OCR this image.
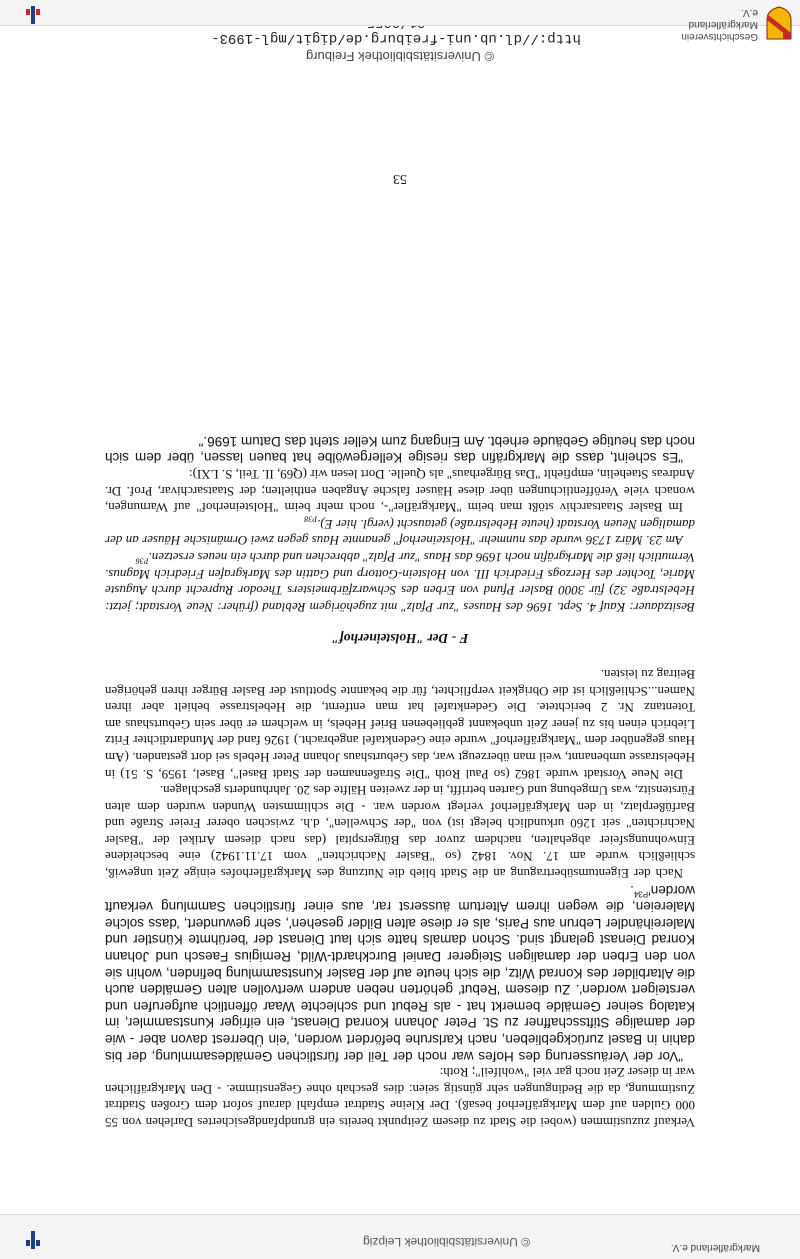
© Universitätsbibliothek Leipzig	Markgräflerland e.V.

Verkauf zuzustimmen (wobei die Stadt zu diesem Zeitpunkt bereits ein grundpfandgesichertes Darlehen von 55 000 Gulden auf dem Markgräflerhof besaß). Der Kleine Stadtrat empfahl darauf sofort dem Großen Stadtrat Zustimmung, da die Bedingungen sehr günstig seien: dies geschah ohne Gegenstimme. - Den Markgräflichen war in dieser Zeit noch gar viel "wohlfeil"; Roth:

"Vor der Veräusserung des Hofes war noch der Teil der fürstlichen Gemäldesammlung, der bis dahin in Basel zurückgeblieben, nach Karlsruhe befördert worden, 'ein Überrest davon aber - wie der damalige Stiftsschaffner zu St. Peter Johann Konrad Dienast, ein eifriger Kunstsammler, im Katalog seiner Gemälde bemerkt hat - als Rebut und schlechte Waar öffentlich aufgerufen und versteigert worden'. Zu diesem 'Rebut' gehörten neben andern wertvollen alten Gemälden auch die Altarbilder des Konrad Witz, die sich heute auf der Basler Kunstsammlung befinden, wohin sie von den Erben der damaligen Steigerer Daniel Burckhardt-Wild, Remigius Faesch und Johann Konrad Dienast gelangt sind. Schon damals hatte sich laut Dienast der 'berühmte Künstler und Malereihändler Lebrun aus Paris, als er diese alten Bilder gesehen', sehr gewundert, 'dass solche Malereien, die wegen ihrem Altertum äusserst rar, aus einer fürstlichen Sammlung verkauft $worden'^{P34}$.

Nach der Eigentumsübertragung an die Stadt blieb die Nutzung des Markgräflerhofes einige Zeit ungewiß, schließlich wurde am 17. Nov. 1842 (so "Basler Nachrichten" vom 17.11.1942) eine bescheidene Einwohnungsfeier abgehalten, nachdem zuvor das Bürgerspital (das nach diesem Artikel der "Basler Nachrichten" seit 1260 urkundlich belegt ist) von "der Schwellen", d.h. zwischen oberer Freier Straße und Barfüßerplatz, in den Markgräflerhof verlegt worden war. - Die schlimmsten Wunden wurden dem alten Fürstensitz, was Umgebung und Garten betrifft, in der zweiten Hälfte des 20. Jahrhunderts geschlagen.

Die Neue Vorstadt wurde 1862 (so Paul Roth "Die Straßennamen der Stadt Basel", Basel, 1959, S. 51) in Hebelstrasse umbenannt, weil man überzeugt war, das Geburtshaus Johann Peter Hebels sei dort gestanden. (Am Haus gegenüber dem "Markgräflerhof" wurde eine Gedenktafel angebracht.) 1926 fand der Mundartdichter Fritz Liebrich einen bis zu jener Zeit unbekannt gebliebenen Brief Hebels, in welchem er über sein Geburtshaus am Totentanz Nr. 2 berichtete. Die Gedenktafel hat man entfernt, die Hebelstrasse behielt aber ihren Namen...Schließlich ist die Obrigkeit verpflichtet, für die bekannte Spottlust der Basler Bürger ihren gehörigen Beitrag zu leisten.

F - Der "Holsteinerhof"

Besitzdauer: Kauf 4. Sept. 1696 des Hauses "zur Pfalz" mit zugehörigem Rebland (früher: Neue Vorstadt; jetzt: Hebelstraße 32) für 3000 Basler Pfund von Erben des Schwarzfärbmeisters Theodor Ruprecht durch Auguste Marie, Tochter des Herzogs Friedrich III. von Holstein-Gottorp und Gattin des Markgrafen Friedrich Magnus. Vermutlich ließ die Markgräfin noch 1696 das Haus "zur Pfalz" abbrechen und durch ein neues ersetzen.$^{P36}$

Am 23. März 1736 wurde das nunmehr "Holsteinerhof" genannte Haus gegen zwei Ormänische Häuser an der damaligen Neuen Vorstadt (heute Hebelstraße) getauscht (vergl. hier $E)._{P38}$

Im Basler Staatsarchiv stößt man beim "Markgräfler"-, noch mehr beim "Holsteinerhof" auf Warnungen, wonach viele Veröffentlichungen über diese Häuser falsche Angaben enthielten; der Staatsarchivar, Prof. Dr. Andreas Staehelin, empfiehlt "Das Bürgerhaus" als Quelle. Dort lesen wir (Q69, II. Teil, S. LXI):

"Es scheint, dass die Markgräfin das riesige Kellergewölbe hat bauen lassen, über dem sich noch das heutige Gebäude erhebt. Am Eingang zum Keller steht das Datum 1696."

53
© Universitätsbibliothek Freiburg
http://dl.ub.uni-freiburg.de/digit/mgl-1993-	Geschichtsverein Markgräflerland e.V.
